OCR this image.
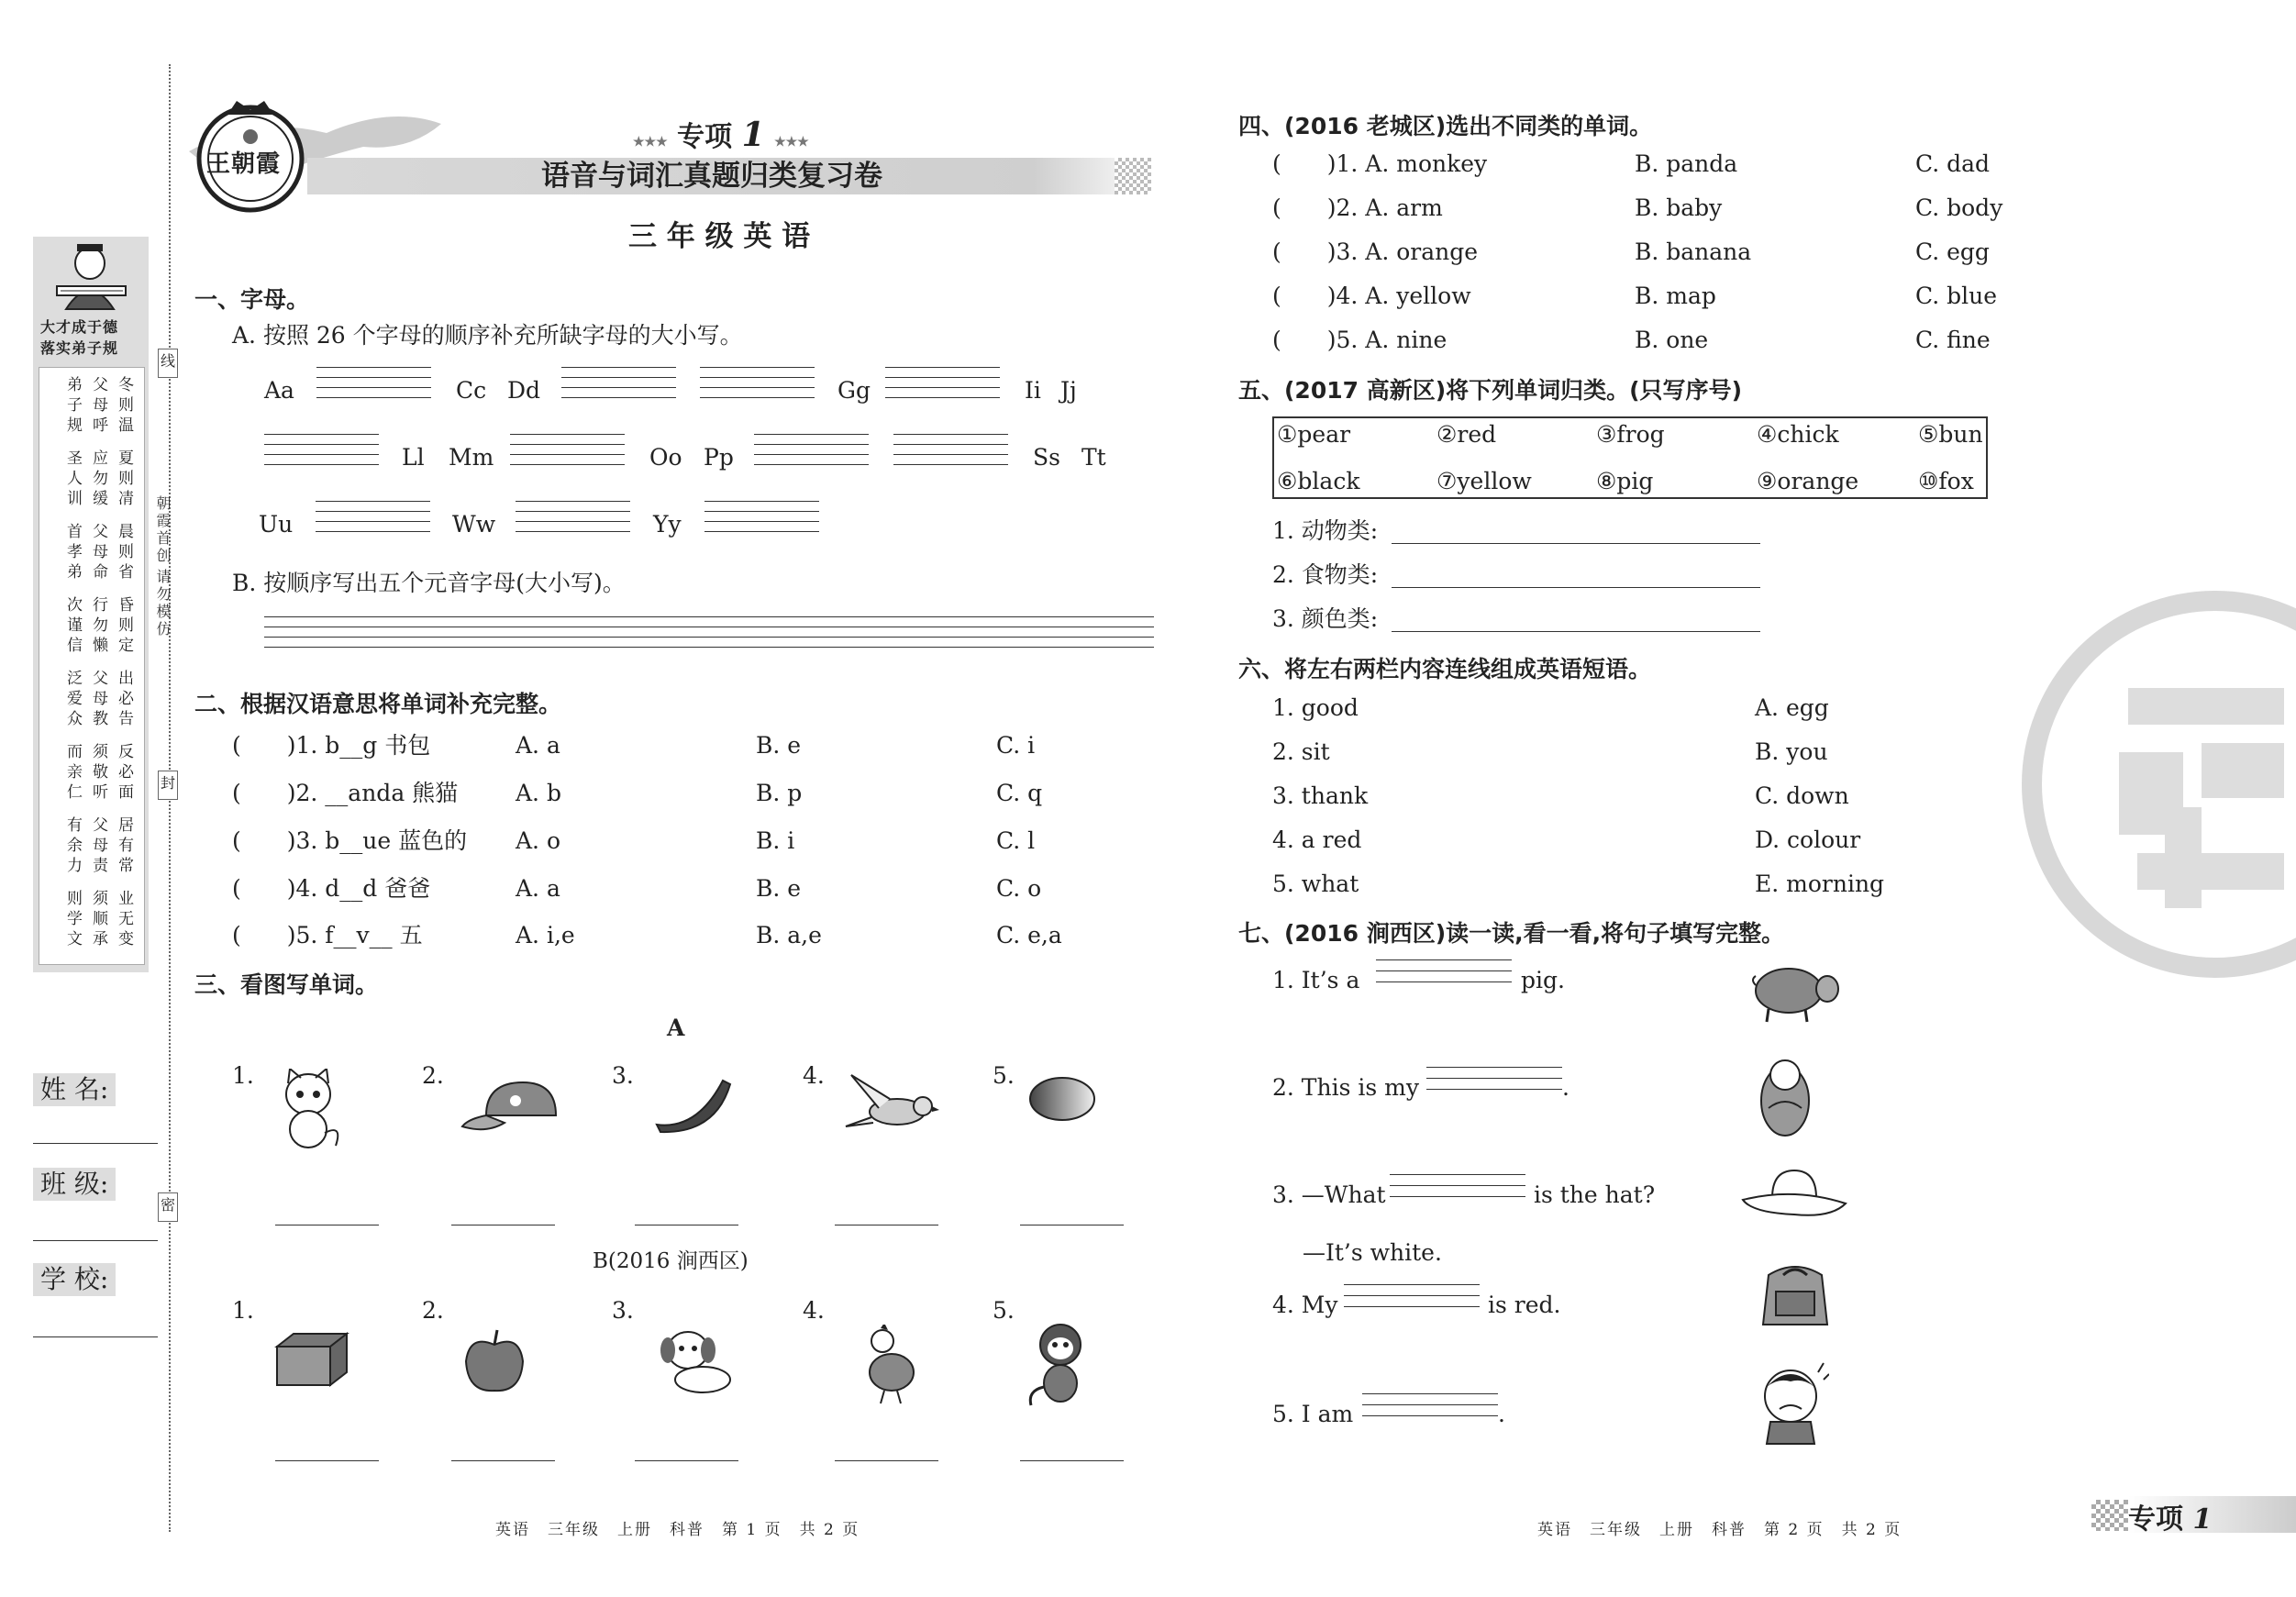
大才成于德
落实弟子规
冬则温
父母呼
弟子规
夏则凊
应勿缓
圣人训
晨则省
父母命
首孝弟
昏则定
行勿懒
次谨信
出必告
父母教
泛爱众
反必面
须敬听
而亲仁
居有常
父母责
有余力
业无变
须顺承
则学文
姓 名:
班 级:
学 校:
线
封
密
朝霞首创
请勿模仿
王朝霞
★★★ 专项 1 ★★★
语音与词汇真题归类复习卷
三 年 级 英 语
一、字母。
A. 按照 26 个字母的顺序补充所缺字母的大小写。
Aa	Cc Dd	Gg	Ii Jj
Ll Mm	Oo Pp	Ss Tt
Uu	Ww	Yy
B. 按顺序写出五个元音字母(大小写)。
二、根据汉语意思将单词补充完整。
(　　)1. b__g 书包	A. a	B. e	C. i
(　　)2. __anda 熊猫	A. b	B. p	C. q
(　　)3. b__ue 蓝色的 A. o	B. i	C. l
(　　)4. d__d 爸爸	A. a	B. e	C. o
(　　)5. f__v__ 五	A. i,e	B. a,e	C. e,a
三、看图写单词。
A
B(2016 涧西区)
1.	2.	3.	4.	5.
1.	2.	3.	4.	5.
英语　三年级　上册　科普　第 1 页　共 2 页
四、(2016 老城区)选出不同类的单词。
(　　)1. A. monkey	B. panda	C. dad
(　　)2. A. arm	B. baby	C. body
(　　)3. A. orange	B. banana	C. egg
(　　)4. A. yellow	B. map	C. blue
(　　)5. A. nine	B. one	C. fine
五、(2017 高新区)将下列单词归类。(只写序号)
①pear	②red	③frog	④chick	⑤bun
⑥black	⑦yellow	⑧pig	⑨orange	⑩fox
1. 动物类:
2. 食物类:
3. 颜色类:
六、将左右两栏内容连线组成英语短语。
1. good	A. egg
2. sit	B. you
3. thank	C. down
4. a red	D. colour
5. what	E. morning
七、(2016 涧西区)读一读,看一看,将句子填写完整。
1. It’s a	pig.
2. This is my	.
3. —What	is the hat?
—It’s white.
4. My	is red.
5. I am	.
英语　三年级　上册　科普　第 2 页　共 2 页	专项 1
